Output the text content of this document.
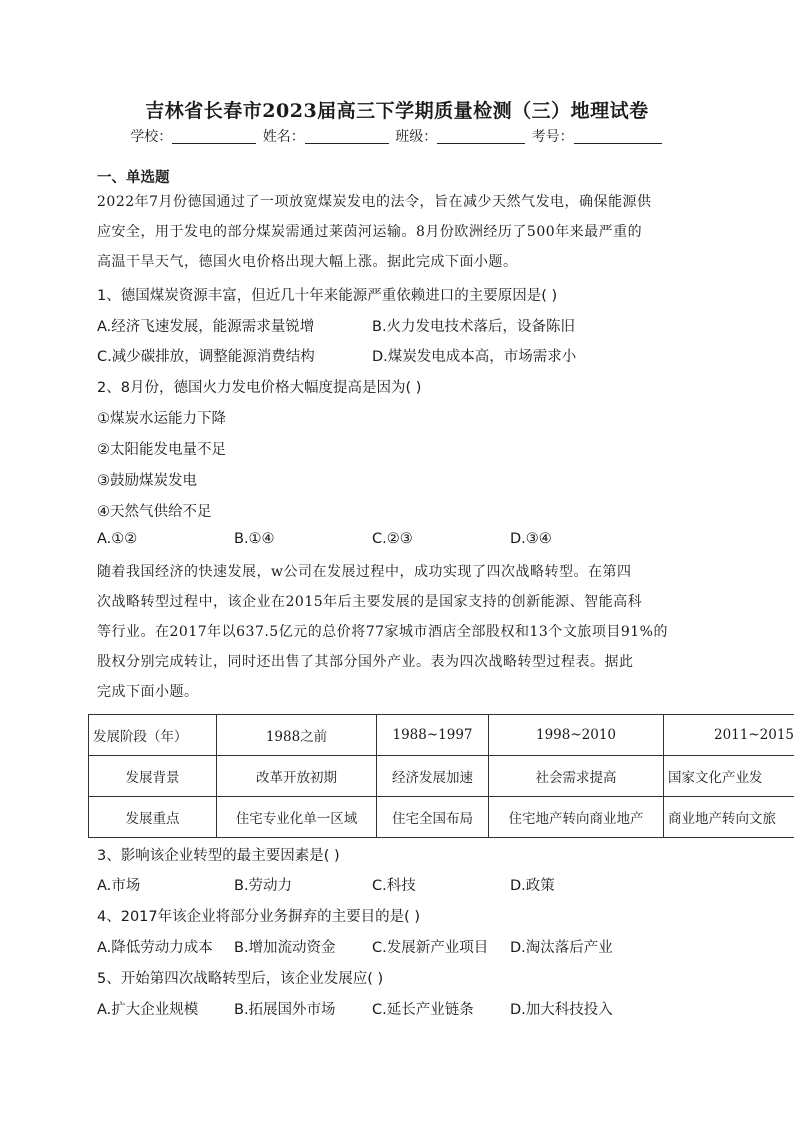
吉林省长春市2023届高三下学期质量检测（三）地理试卷
学校：	姓名：	班级：	考号：
一、单选题
2022年7月份德国通过了一项放宽煤炭发电的法令，旨在减少天然气发电，确保能源供
应安全，用于发电的部分煤炭需通过莱茵河运输。8月份欧洲经历了500年来最严重的
高温干旱天气，德国火电价格出现大幅上涨。据此完成下面小题。
1、德国煤炭资源丰富，但近几十年来能源严重依赖进口的主要原因是( )
A.经济飞速发展，能源需求量锐增	B.火力发电技术落后，设备陈旧
C.减少碳排放，调整能源消费结构	D.煤炭发电成本高，市场需求小
2、8月份，德国火力发电价格大幅度提高是因为( )
①煤炭水运能力下降
②太阳能发电量不足
③鼓励煤炭发电
④天然气供给不足
A.①②	B.①④	C.②③	D.③④
随着我国经济的快速发展，w公司在发展过程中，成功实现了四次战略转型。在第四
次战略转型过程中，该企业在2015年后主要发展的是国家支持的创新能源、智能高科
等行业。在2017年以637.5亿元的总价将77家城市酒店全部股权和13个文旅项目91%的
股权分别完成转让，同时还出售了其部分国外产业。表为四次战略转型过程表。据此
完成下面小题。
发展阶段（年）	1988之前	1988~1997	1998~2010	2011~2015
发展背景	改革开放初期	经济发展加速	社会需求提高	国家文化产业发
发展重点	住宅专业化单一区域	住宅全国布局	住宅地产转向商业地产	商业地产转向文旅
3、影响该企业转型的最主要因素是( )
A.市场	B.劳动力	C.科技	D.政策
4、2017年该企业将部分业务摒弃的主要目的是( )
A.降低劳动力成本 B.增加流动资金	C.发展新产业项目 D.淘汰落后产业
5、开始第四次战略转型后，该企业发展应( )
A.扩大企业规模 B.拓展国外市场	C.延长产业链条	D.加大科技投入
